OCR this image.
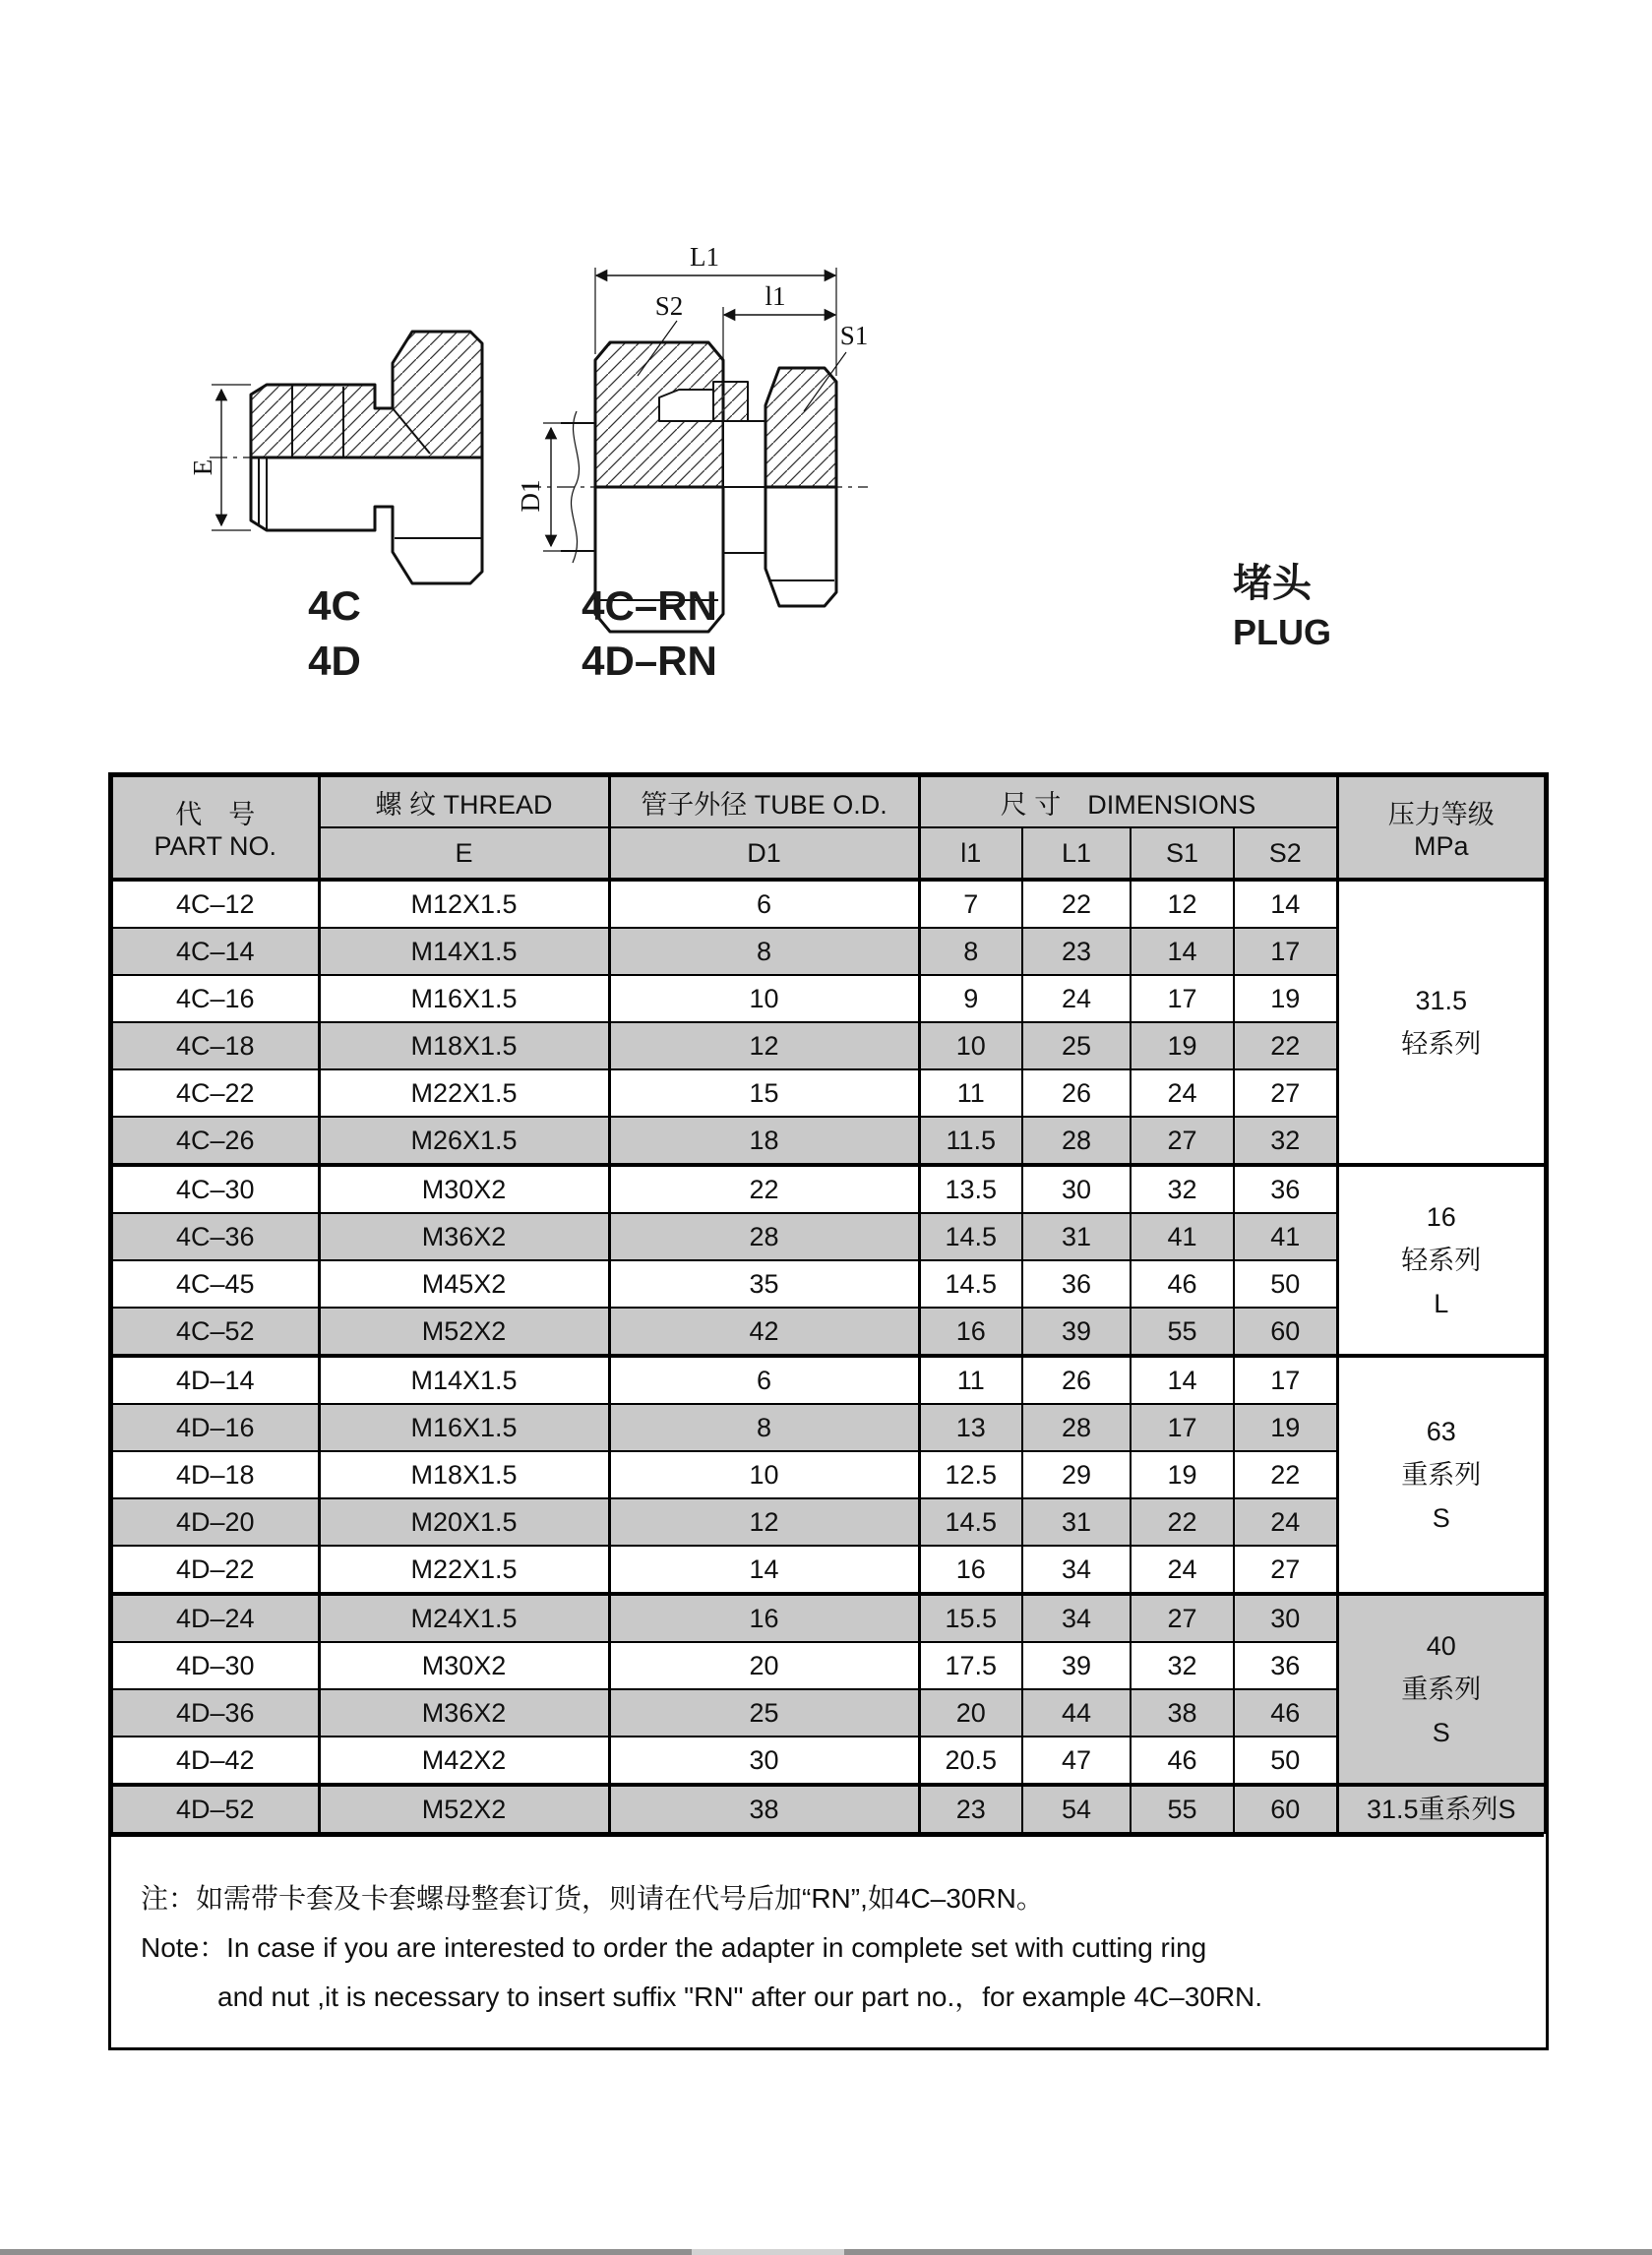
E
D1
L1
l1
S2
S1
4C
4D
4C–RN
4D–RN
堵头
PLUG
代　号
PART NO.
	螺 纹 THREAD	管子外径 TUBE O.D.	尺 寸　DIMENSIONS	压力等级
MPa

	E	D1	l1	L1	S1	S2	
4C–12	M12X1.5	6	7	22	12	14	31.5
轻系列

4C–14	M14X1.5	8	8	23	14	17	
4C–16	M16X1.5	10	9	24	17	19	
4C–18	M18X1.5	12	10	25	19	22	
4C–22	M22X1.5	15	11	26	24	27	
4C–26	M26X1.5	18	11.5	28	27	32	
4C–30	M30X2	22	13.5	30	32	36	16
轻系列
L

4C–36	M36X2	28	14.5	31	41	41	
4C–45	M45X2	35	14.5	36	46	50	
4C–52	M52X2	42	16	39	55	60	
4D–14	M14X1.5	6	11	26	14	17	63
重系列
S

4D–16	M16X1.5	8	13	28	17	19	
4D–18	M18X1.5	10	12.5	29	19	22	
4D–20	M20X1.5	12	14.5	31	22	24	
4D–22	M22X1.5	14	16	34	24	27	
4D–24	M24X1.5	16	15.5	34	27	30	40
重系列
S

4D–30	M30X2	20	17.5	39	32	36	
4D–36	M36X2	25	20	44	38	46	
4D–42	M42X2	30	20.5	47	46	50	
4D–52	M52X2	38	23	54	55	60	31.5重系列S
注：如需带卡套及卡套螺母整套订货，则请在代号后加“RN”,如4C–30RN。
Note：In case if you are interested to order the adapter in complete set with cutting ring
and nut ,it is necessary to insert suffix "RN" after our part no.，for example 4C–30RN.
